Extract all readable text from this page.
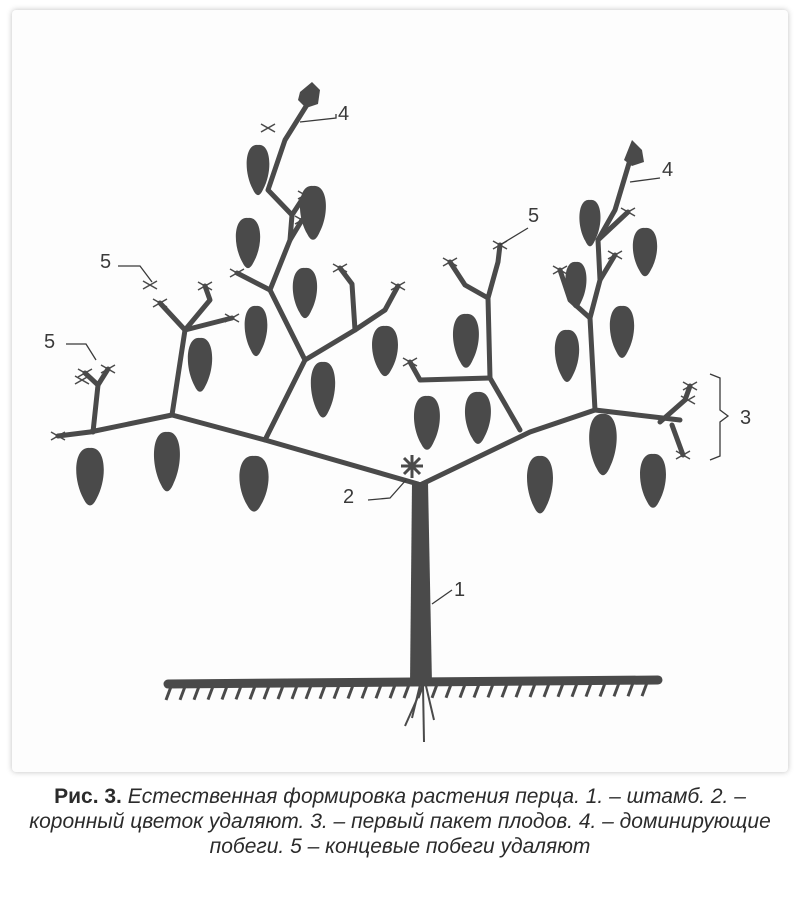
1
2
3
4
4
5
5
5
Рис. 3. Естественная формировка растения перца. 1. – штамб. 2. –коронный цветок удаляют. 3. – первый пакет плодов. 4. – доминирующие побеги. 5 – концевые побеги удаляют
